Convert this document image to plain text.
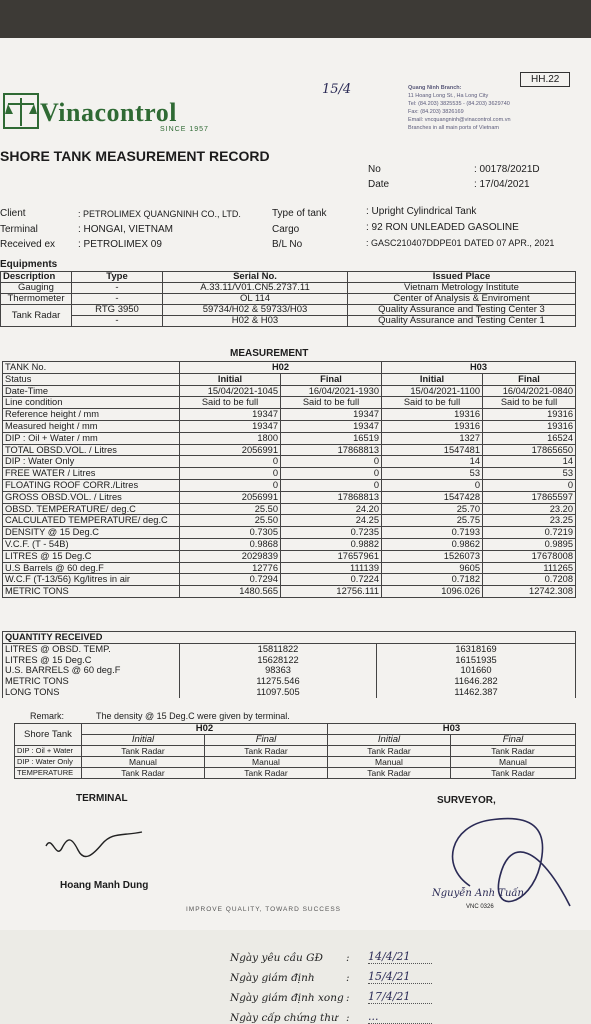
Vinacontrol
SINCE 1957
15/4	Quang Ninh Branch:
11 Hoang Long St., Ha Long City
Tel: (84.203) 3825535 - (84.203) 3629740
Fax: (84.203) 3826169
Email: vncquangninh@vinacontrol.com.vn
Branches in all main ports of Vietnam
HH.22
SHORE TANK MEASUREMENT RECORD
No	: 00178/2021D
Date	: 17/04/2021
Client	: PETROLIMEX QUANGNINH CO., LTD.
Terminal	: HONGAI, VIETNAM
Received ex : PETROLIMEX 09
Type of tank	: Upright Cylindrical Tank
Cargo	: 92 RON UNLEADED GASOLINE
B/L No	: GASC210407DDPE01 DATED 07 APR., 2021
Equipments
Description	Type	Serial No.	Issued Place
Gauging	-	A.33.11/V01.CN5.2737.11	Vietnam Metrology Institute
Thermometer	-	OL 114	Center of Analysis & Enviroment
Tank Radar	RTG 3950	59734/H02 & 59733/H03	Quality Assurance and Testing Center 3
	-	H02 & H03	Quality Assurance and Testing Center 1
MEASUREMENT
TANK No.	H02		H03	
Status	Initial	Final	Initial	Final
Date-Time	15/04/2021-1045	16/04/2021-1930	15/04/2021-1100	16/04/2021-0840
Line condition	Said to be full	Said to be full	Said to be full	Said to be full
Reference height / mm	19347	19347	19316	19316
Measured height / mm	19347	19347	19316	19316
DIP : Oil + Water / mm	1800	16519	1327	16524
TOTAL OBSD.VOL. / Litres	2056991	17868813	1547481	17865650
DIP : Water Only	0	0	14	14
FREE WATER / Litres	0	0	53	53
FLOATING ROOF CORR./Litres	0	0	0	0
GROSS OBSD.VOL. / Litres	2056991	17868813	1547428	17865597
OBSD. TEMPERATURE/ deg.C	25.50	24.20	25.70	23.20
CALCULATED TEMPERATURE/ deg.C	25.50	24.25	25.75	23.25
DENSITY @ 15 Deg.C	0.7305	0.7235	0.7193	0.7219
V.C.F. (T - 54B)	0.9868	0.9882	0.9862	0.9895
LITRES @ 15 Deg.C	2029839	17657961	1526073	17678008
U.S Barrels @ 60 deg.F	12776	111139	9605	111265
W.C.F (T-13/56) Kg/litres in air	0.7294	0.7224	0.7182	0.7208
METRIC TONS	1480.565	12756.111	1096.026	12742.308
QUANTITY RECEIVED		
LITRES @ OBSD. TEMP.	15811822	16318169
LITRES @ 15 Deg.C	15628122	16151935
U.S. BARRELS @ 60 deg.F	98363	101660
METRIC TONS	11275.546	11646.282
LONG TONS	11097.505	11462.387
Remark:	The density @ 15 Deg.C were given by terminal.
Shore Tank	H02		H03	
	Initial	Final	Initial	Final
DIP : Oil + Water	Tank Radar	Tank Radar	Tank Radar	Tank Radar
DIP : Water Only	Manual	Manual	Manual	Manual
TEMPERATURE	Tank Radar	Tank Radar	Tank Radar	Tank Radar
TERMINAL	SURVEYOR,
Hoang Manh Dung
Nguyễn Anh Tuấn
VNC 0326
IMPROVE QUALITY, TOWARD SUCCESS
Ngày yêu cầu GĐ : 14/4/21
Ngày giám định	: 15/4/21
Ngày giám định xong : 17/4/21
Ngày cấp chứng thư : ...
